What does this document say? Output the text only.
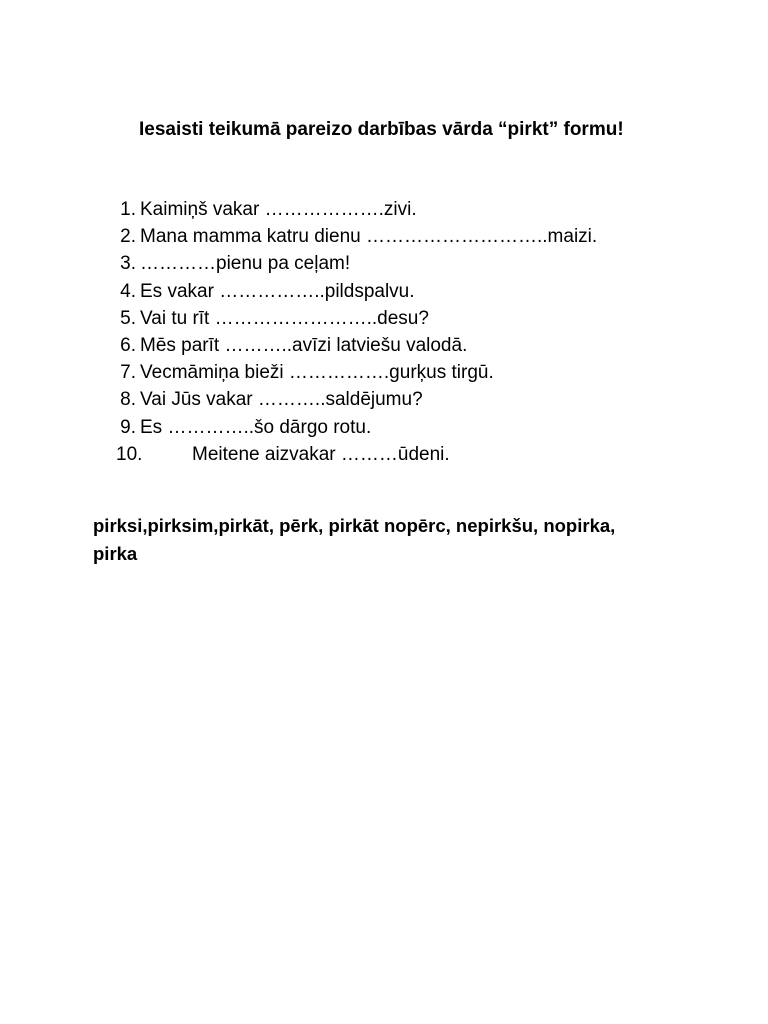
Iesaisti teikumā pareizo darbības vārda “pirkt” formu!

1. Kaimiņš vakar ……………….zivi.
2. Mana mamma katru dienu ………………………..maizi.
3. …………pienu pa ceļam!
4. Es vakar ……………..pildspalvu.
5. Vai tu rīt ……………………..desu?
6. Mēs parīt ………..avīzi latviešu valodā.
7. Vecmāmiņa bieži …………….gurķus tirgū.
8. Vai Jūs vakar ………..saldējumu?
9. Es …………..šo dārgo rotu.
10.	Meitene aizvakar ………ūdeni.

pirksi,pirksim,pirkāt, pērk, pirkāt nopērc, nepirkšu, nopirka, pirka
